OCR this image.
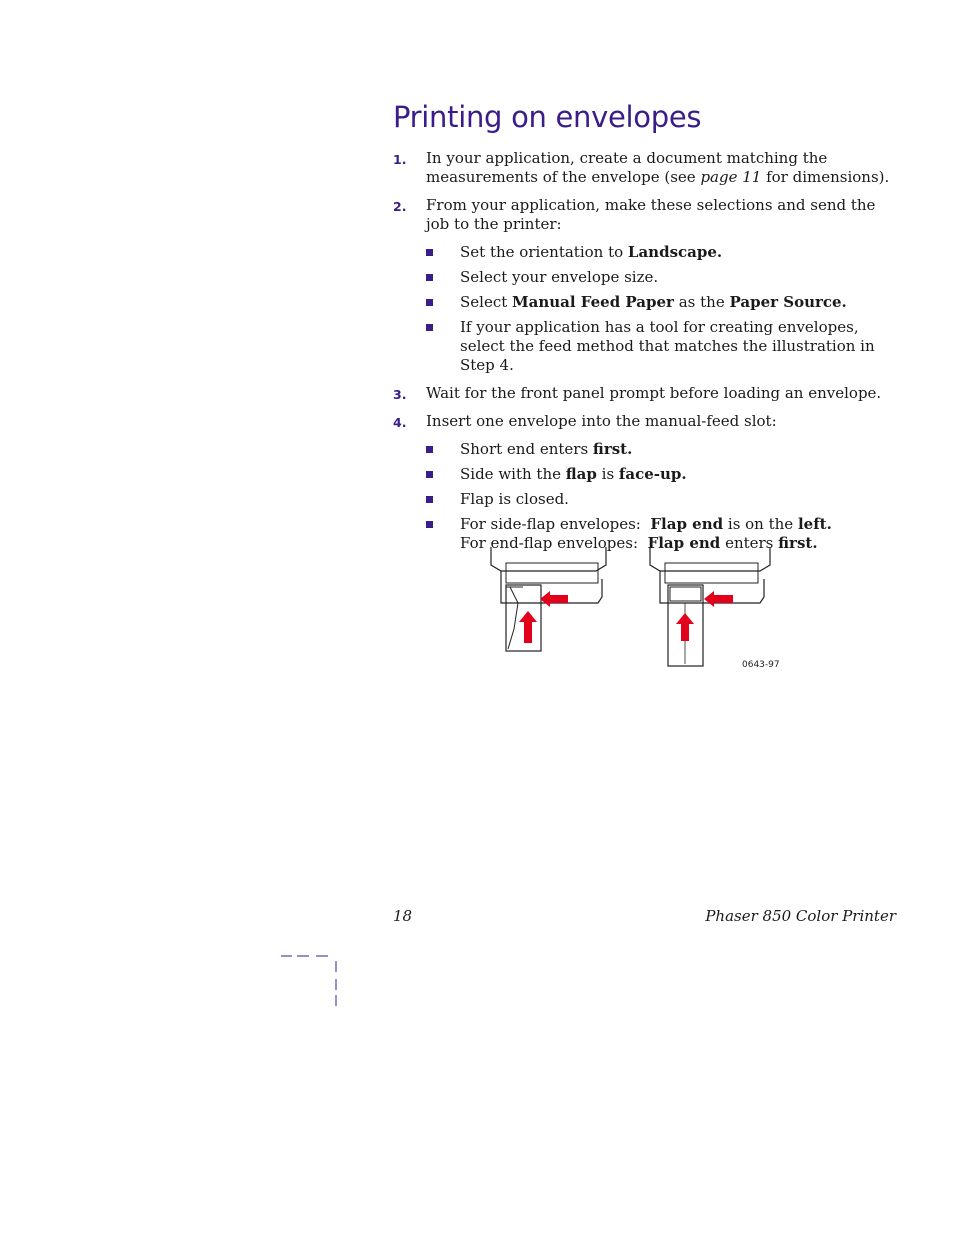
Printing on envelopes
1. In your application, create a document matching the measurements of the envelope (see page 11 for dimensions).
2. From your application, make these selections and send the job to the printer:
Set the orientation to Landscape.
Select your envelope size.
Select Manual Feed Paper as the Paper Source.
If your application has a tool for creating envelopes, select the feed method that matches the illustration in Step 4.
3. Wait for the front panel prompt before loading an envelope.
4. Insert one envelope into the manual-feed slot:
Short end enters first.
Side with the flap is face-up.
Flap is closed.
For side-flap envelopes:  Flap end is on the left.
For end-flap envelopes:  Flap end enters first.
0643-97
18	Phaser 850 Color Printer
